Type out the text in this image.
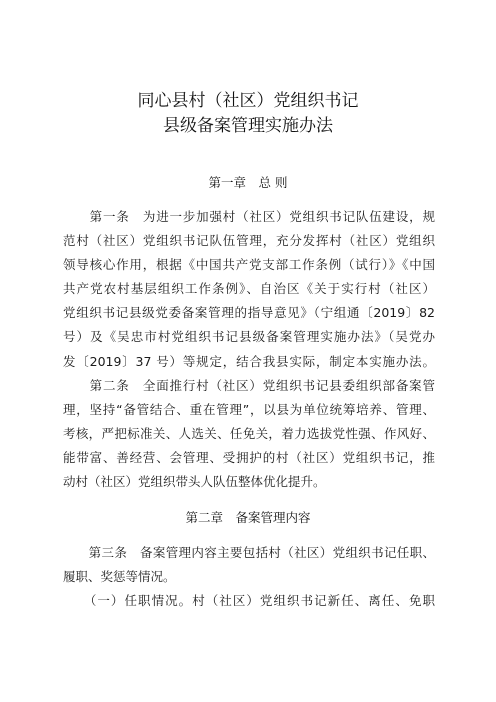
同心县村（社区）党组织书记
县级备案管理实施办法
第一章　总 则
　　第一条　为进一步加强村（社区）党组织书记队伍建设，规
范村（社区）党组织书记队伍管理，充分发挥村（社区）党组织
领导核心作用，根据《中国共产党支部工作条例（试行）》《中国
共产党农村基层组织工作条例》、自治区《关于实行村（社区）
党组织书记县级党委备案管理的指导意见》（宁组通〔2019〕82
号）及《吴忠市村党组织书记县级备案管理实施办法》（吴党办
发〔2019〕37 号）等规定，结合我县实际，制定本实施办法。
　　第二条　全面推行村（社区）党组织书记县委组织部备案管
理，坚持“备管结合、重在管理”，以县为单位统筹培养、管理、
考核，严把标准关、人选关、任免关，着力选拔党性强、作风好、
能带富、善经营、会管理、受拥护的村（社区）党组织书记，推
动村（社区）党组织带头人队伍整体优化提升。
第二章　备案管理内容
　　第三条　备案管理内容主要包括村（社区）党组织书记任职、
履职、奖惩等情况。
　　（一）任职情况。村（社区）党组织书记新任、离任、免职
